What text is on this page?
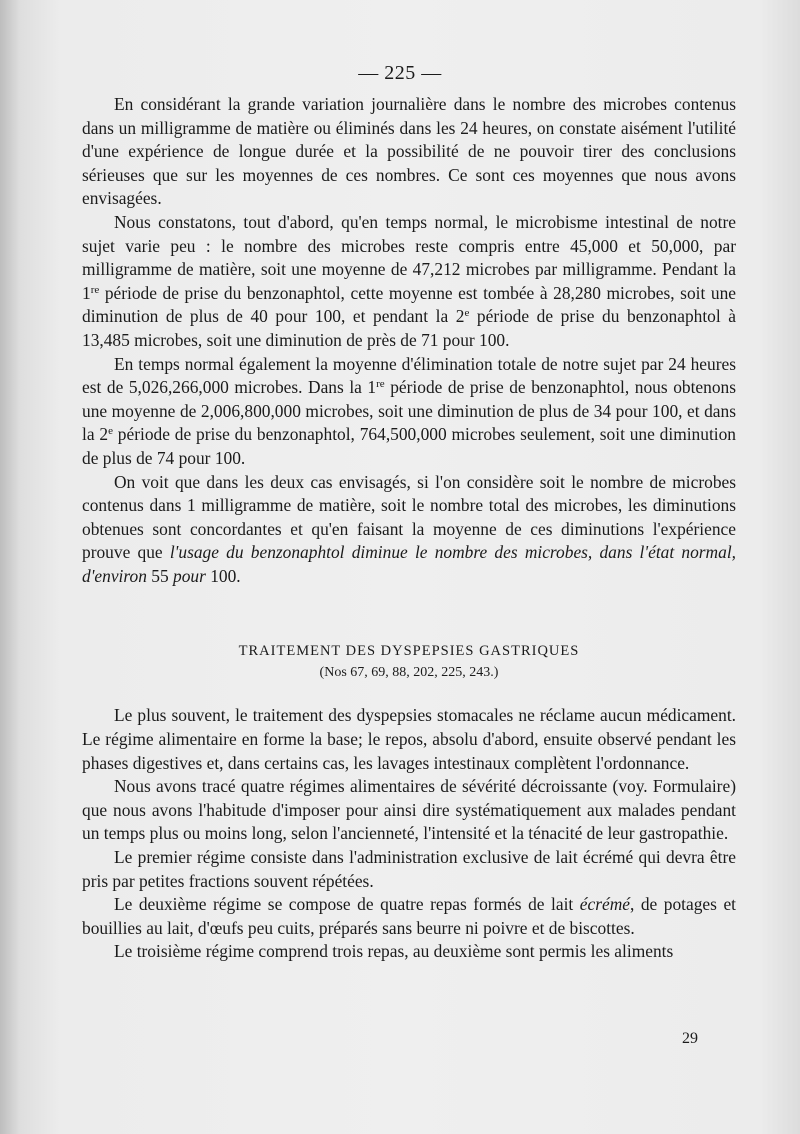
— 225 —

En considérant la grande variation journalière dans le nombre des microbes contenus dans un milligramme de matière ou éliminés dans les 24 heures, on constate aisément l'utilité d'une expérience de longue durée et la possibilité de ne pouvoir tirer des conclusions sérieuses que sur les moyennes de ces nombres. Ce sont ces moyennes que nous avons envisagées.

Nous constatons, tout d'abord, qu'en temps normal, le microbisme intestinal de notre sujet varie peu : le nombre des microbes reste compris entre 45,000 et 50,000, par milligramme de matière, soit une moyenne de 47,212 microbes par milligramme. Pendant la 1re période de prise du benzonaphtol, cette moyenne est tombée à 28,280 microbes, soit une diminution de plus de 40 pour 100, et pendant la 2e période de prise du benzonaphtol à 13,485 microbes, soit une diminution de près de 71 pour 100.

En temps normal également la moyenne d'élimination totale de notre sujet par 24 heures est de 5,026,266,000 microbes. Dans la 1re période de prise de benzonaphtol, nous obtenons une moyenne de 2,006,800,000 microbes, soit une diminution de plus de 34 pour 100, et dans la 2e période de prise du benzonaphtol, 764,500,000 microbes seulement, soit une diminution de plus de 74 pour 100.

On voit que dans les deux cas envisagés, si l'on considère soit le nombre de microbes contenus dans 1 milligramme de matière, soit le nombre total des microbes, les diminutions obtenues sont concordantes et qu'en faisant la moyenne de ces diminutions l'expérience prouve que l'usage du benzonaphtol diminue le nombre des microbes, dans l'état normal, d'environ 55 pour 100.

TRAITEMENT DES DYSPEPSIES GASTRIQUES
(Nos 67, 69, 88, 202, 225, 243.)

Le plus souvent, le traitement des dyspepsies stomacales ne réclame aucun médicament. Le régime alimentaire en forme la base; le repos, absolu d'abord, ensuite observé pendant les phases digestives et, dans certains cas, les lavages intestinaux complètent l'ordonnance.

Nous avons tracé quatre régimes alimentaires de sévérité décroissante (voy. Formulaire) que nous avons l'habitude d'imposer pour ainsi dire systématiquement aux malades pendant un temps plus ou moins long, selon l'ancienneté, l'intensité et la ténacité de leur gastropathie.

Le premier régime consiste dans l'administration exclusive de lait écrémé qui devra être pris par petites fractions souvent répétées.

Le deuxième régime se compose de quatre repas formés de lait écrémé, de potages et bouillies au lait, d'œufs peu cuits, préparés sans beurre ni poivre et de biscottes.

Le troisième régime comprend trois repas, au deuxième sont permis les aliments

29
